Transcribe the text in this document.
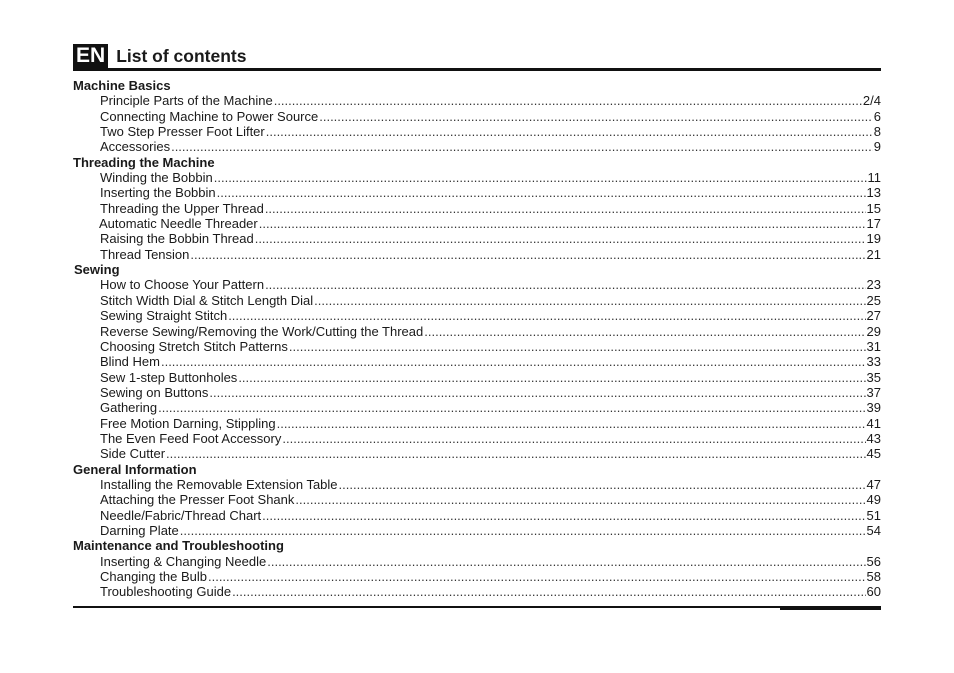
EN List of contents
Machine Basics
Principle Parts of the Machine .....	2/4
Connecting Machine to Power Source .....	6
Two Step Presser Foot Lifter .....	8
Accessories .....	9
Threading the Machine
Winding the Bobbin .....	11
Inserting the Bobbin .....	13
Threading the Upper Thread .....	15
Automatic Needle Threader .....	17
Raising the Bobbin Thread .....	19
Thread Tension .....	21
Sewing
How to Choose Your Pattern .....	23
Stitch Width Dial & Stitch Length Dial .....	25
Sewing Straight Stitch .....	27
Reverse Sewing/Removing the Work/Cutting the Thread .....	29
Choosing Stretch Stitch Patterns .....	31
Blind Hem .....	33
Sew 1-step Buttonholes .....	35
Sewing on Buttons .....	37
Gathering .....	39
Free Motion Darning, Stippling .....	41
The Even Feed Foot Accessory .....	43
Side Cutter .....	45
General Information
Installing the Removable Extension Table .....	47
Attaching the Presser Foot Shank .....	49
Needle/Fabric/Thread Chart .....	51
Darning Plate .....	54
Maintenance and Troubleshooting
Inserting & Changing Needle .....	56
Changing the Bulb .....	58
Troubleshooting Guide .....	60
